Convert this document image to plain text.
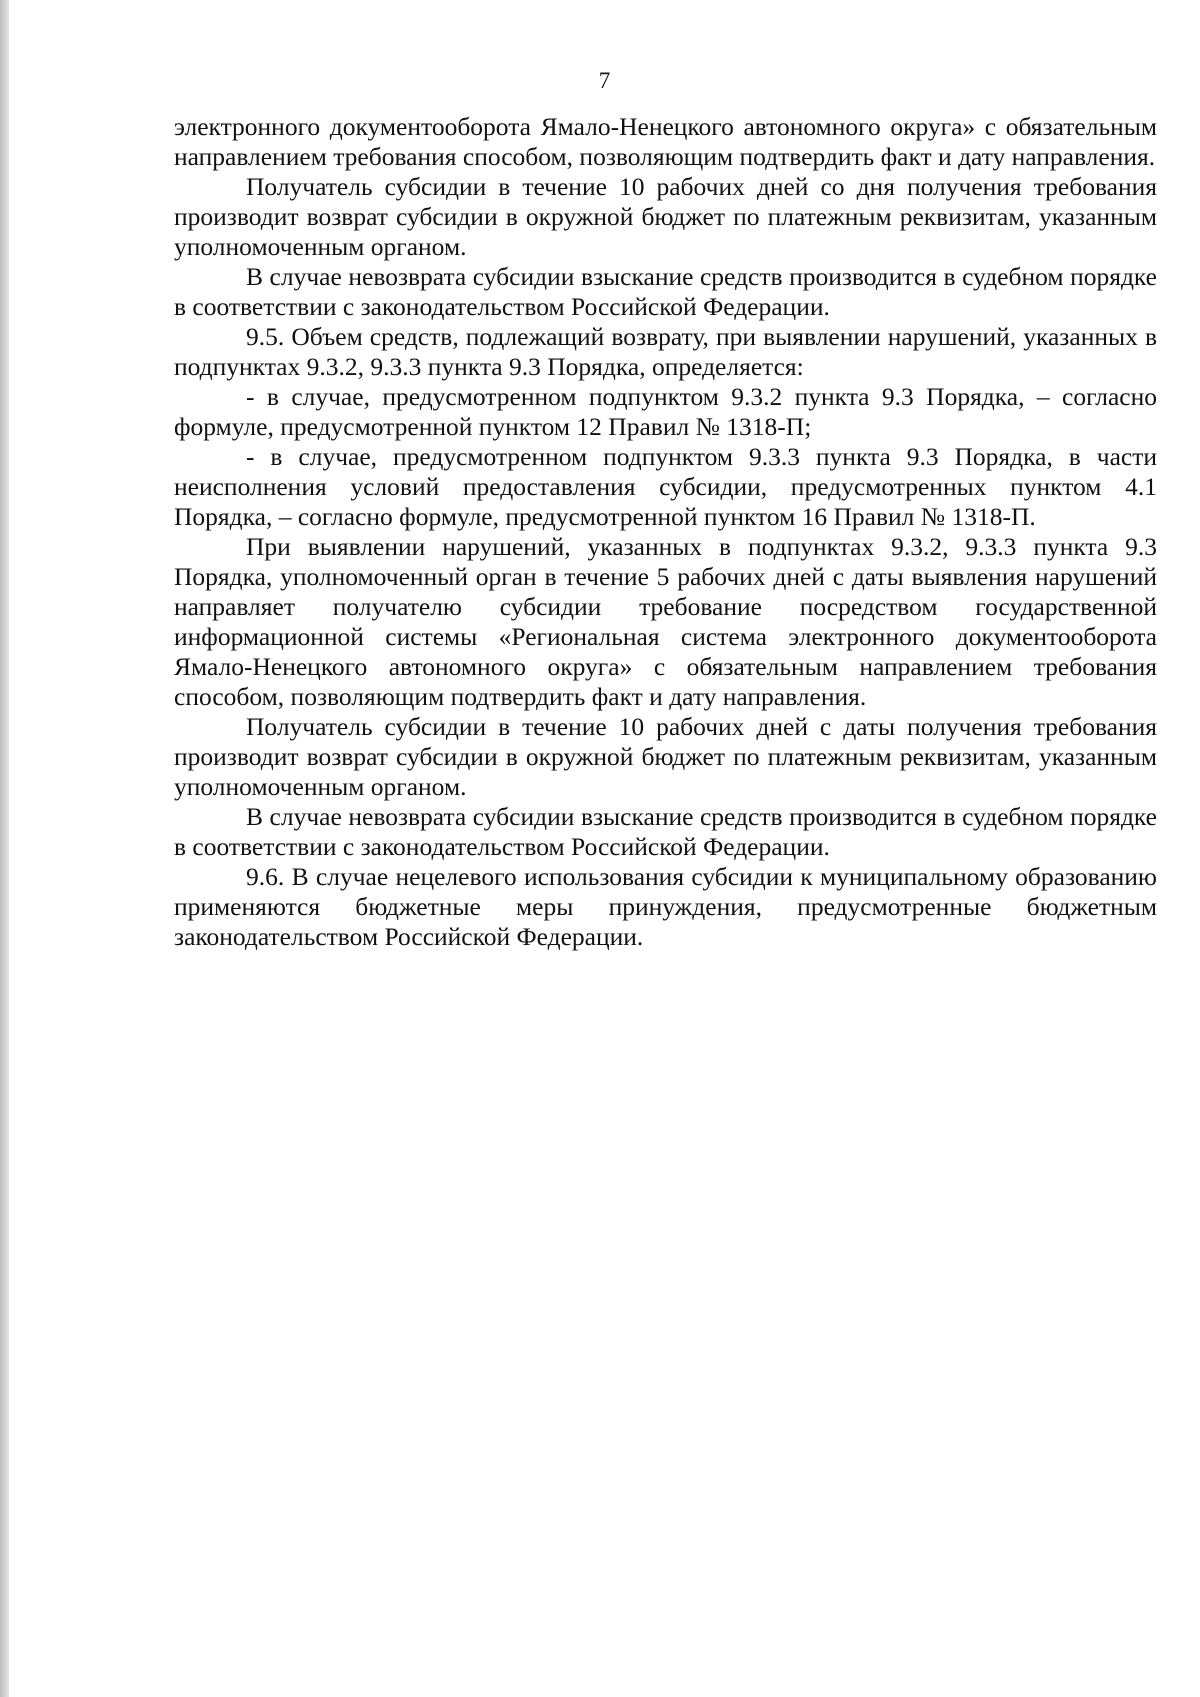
7

электронного документооборота Ямало-Ненецкого автономного округа» с обязательным направлением требования способом, позволяющим подтвердить факт и дату направления.

Получатель субсидии в течение 10 рабочих дней со дня получения требования производит возврат субсидии в окружной бюджет по платежным реквизитам, указанным уполномоченным органом.

В случае невозврата субсидии взыскание средств производится в судебном порядке в соответствии с законодательством Российской Федерации.

9.5. Объем средств, подлежащий возврату, при выявлении нарушений, указанных в подпунктах 9.3.2, 9.3.3 пункта 9.3 Порядка, определяется:

- в случае, предусмотренном подпунктом 9.3.2 пункта 9.3 Порядка, – согласно формуле, предусмотренной пунктом 12 Правил № 1318-П;

- в случае, предусмотренном подпунктом 9.3.3 пункта 9.3 Порядка, в части неисполнения условий предоставления субсидии, предусмотренных пунктом 4.1 Порядка, – согласно формуле, предусмотренной пунктом 16 Правил № 1318-П.

При выявлении нарушений, указанных в подпунктах 9.3.2, 9.3.3 пункта 9.3 Порядка, уполномоченный орган в течение 5 рабочих дней с даты выявления нарушений направляет получателю субсидии требование посредством государственной информационной системы «Региональная система электронного документооборота Ямало-Ненецкого автономного округа» с обязательным направлением требования способом, позволяющим подтвердить факт и дату направления.

Получатель субсидии в течение 10 рабочих дней с даты получения требования производит возврат субсидии в окружной бюджет по платежным реквизитам, указанным уполномоченным органом.

В случае невозврата субсидии взыскание средств производится в судебном порядке в соответствии с законодательством Российской Федерации.

9.6. В случае нецелевого использования субсидии к муниципальному образованию применяются бюджетные меры принуждения, предусмотренные бюджетным законодательством Российской Федерации.
